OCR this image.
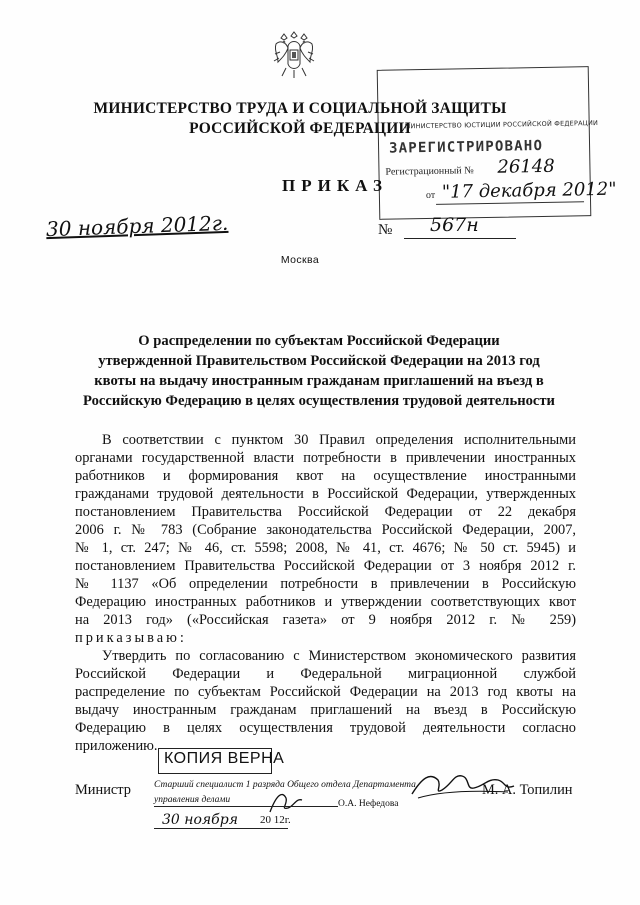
МИНИСТЕРСТВО ТРУДА И СОЦИАЛЬНОЙ ЗАЩИТЫ
РОССИЙСКОЙ ФЕДЕРАЦИИ
МИНИСТЕРСТВО ЮСТИЦИИ РОССИЙСКОЙ ФЕДЕРАЦИИ
ЗАРЕГИСТРИРОВАНО
Регистрационный № 26148
от "17 декабря 2012"
ПРИКАЗ
30 ноября 2012г.	№ 567н
Москва
О распределении по субъектам Российской Федерации
утвержденной Правительством Российской Федерации на 2013 год
квоты на выдачу иностранным гражданам приглашений на въезд в
Российскую Федерацию в целях осуществления трудовой деятельности
В соответствии с пунктом 30 Правил определения исполнительными
органами государственной власти потребности в привлечении иностранных
работников и формирования квот на осуществление иностранными
гражданами трудовой деятельности в Российской Федерации, утвержденных
постановлением Правительства Российской Федерации от 22 декабря
2006 г. № 783 (Собрание законодательства Российской Федерации, 2007,
№ 1, ст. 247; № 46, ст. 5598; 2008, № 41, ст. 4676; № 50 ст. 5945) и
постановлением Правительства Российской Федерации от 3 ноября 2012 г.
№ 1137 «Об определении потребности в привлечении в Российскую
Федерацию иностранных работников и утверждении соответствующих квот
на 2013 год» («Российская газета» от 9 ноября 2012 г. № 259)
приказываю:
Утвердить по согласованию с Министерством экономического развития
Российской Федерации и Федеральной миграционной службой
распределение по субъектам Российской Федерации на 2013 год квоты на
выдачу иностранным гражданам приглашений на въезд в Российскую
Федерацию в целях осуществления трудовой деятельности согласно
приложению.
Министр	М. А. Топилин
КОПИЯ ВЕРНА
Старший специалист 1 разряда Общего отдела Департамента
управления делами	О.А. Нефедова
30 ноября 20 12г.
